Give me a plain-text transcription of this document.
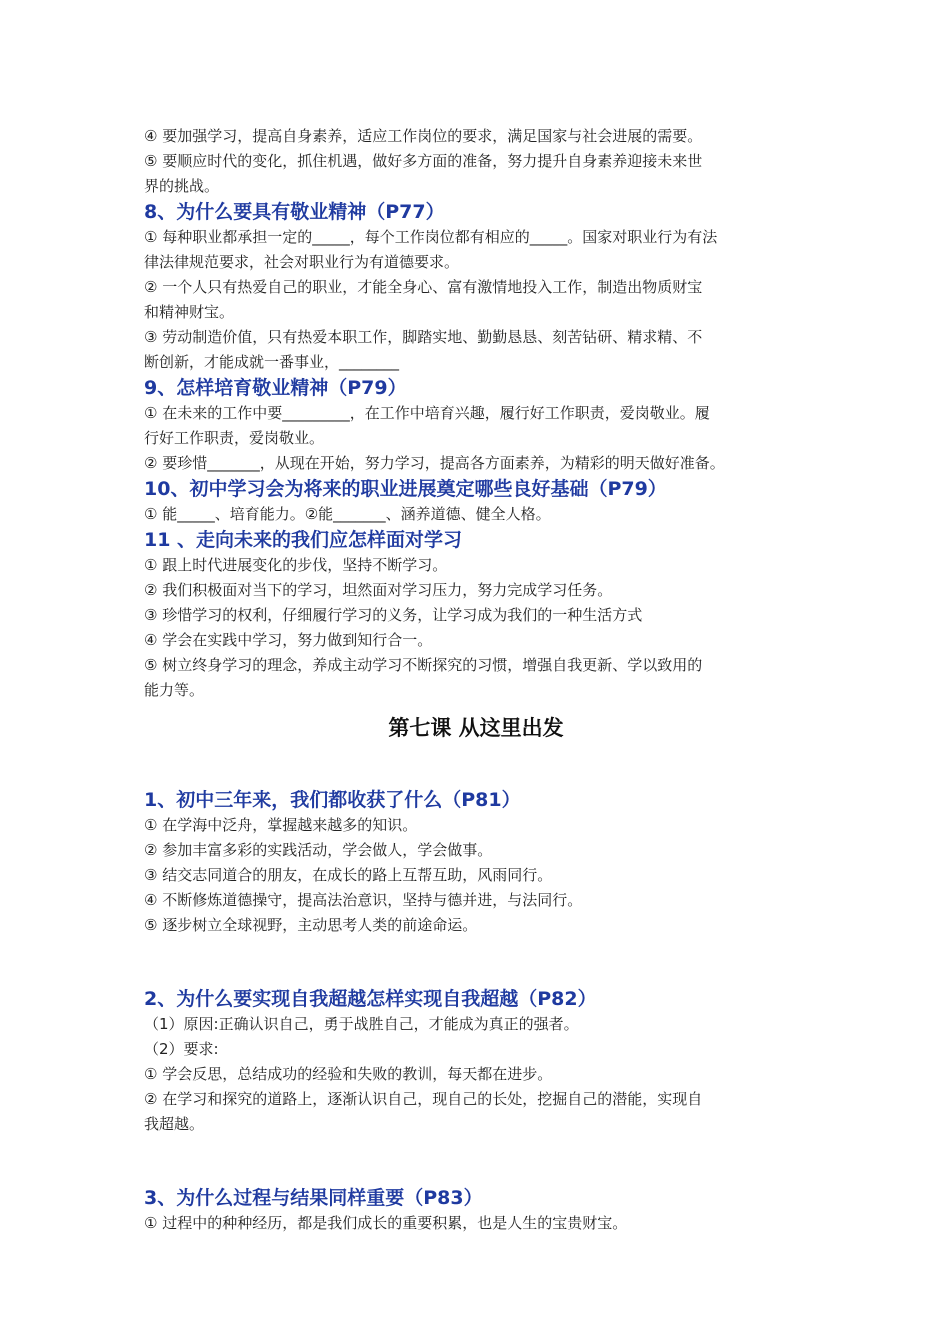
④ 要加强学习，提高自身素养，适应工作岗位的要求，满足国家与社会进展的需要。
⑤ 要顺应时代的变化，抓住机遇，做好多方面的准备，努力提升自身素养迎接未来世
界的挑战。
8、为什么要具有敬业精神（P77）
① 每种职业都承担一定的_____，每个工作岗位都有相应的_____。国家对职业行为有法
律法律规范要求，社会对职业行为有道德要求。
② 一个人只有热爱自己的职业，才能全身心、富有激情地投入工作，制造出物质财宝
和精神财宝。
③ 劳动制造价值，只有热爱本职工作，脚踏实地、勤勤恳恳、刻苦钻研、精求精、不
断创新，才能成就一番事业，________
9、怎样培育敬业精神（P79）
① 在未来的工作中要_________，在工作中培育兴趣，履行好工作职责，爱岗敬业。履
行好工作职责，爱岗敬业。
② 要珍惜_______，从现在开始，努力学习，提高各方面素养，为精彩的明天做好准备。
10、初中学习会为将来的职业进展奠定哪些良好基础（P79）
① 能_____、培育能力。②能_______、涵养道德、健全人格。
11 、走向未来的我们应怎样面对学习
① 跟上时代进展变化的步伐，坚持不断学习。
② 我们积极面对当下的学习，坦然面对学习压力，努力完成学习任务。
③ 珍惜学习的权利，仔细履行学习的义务，让学习成为我们的一种生活方式
④ 学会在实践中学习，努力做到知行合一。
⑤ 树立终身学习的理念，养成主动学习不断探究的习惯，增强自我更新、学以致用的
能力等。
第七课 从这里出发
1、初中三年来，我们都收获了什么（P81）
① 在学海中泛舟，掌握越来越多的知识。
② 参加丰富多彩的实践活动，学会做人，学会做事。
③ 结交志同道合的朋友，在成长的路上互帮互助，风雨同行。
④ 不断修炼道德操守，提高法治意识，坚持与德并进，与法同行。
⑤ 逐步树立全球视野，主动思考人类的前途命运。
2、为什么要实现自我超越怎样实现自我超越（P82）
（1）原因:正确认识自己，勇于战胜自己，才能成为真正的强者。
（2）要求:
① 学会反思，总结成功的经验和失败的教训，每天都在进步。
② 在学习和探究的道路上，逐渐认识自己，现自己的长处，挖掘自己的潜能，实现自
我超越。
3、为什么过程与结果同样重要（P83）
① 过程中的种种经历，都是我们成长的重要积累，也是人生的宝贵财宝。
